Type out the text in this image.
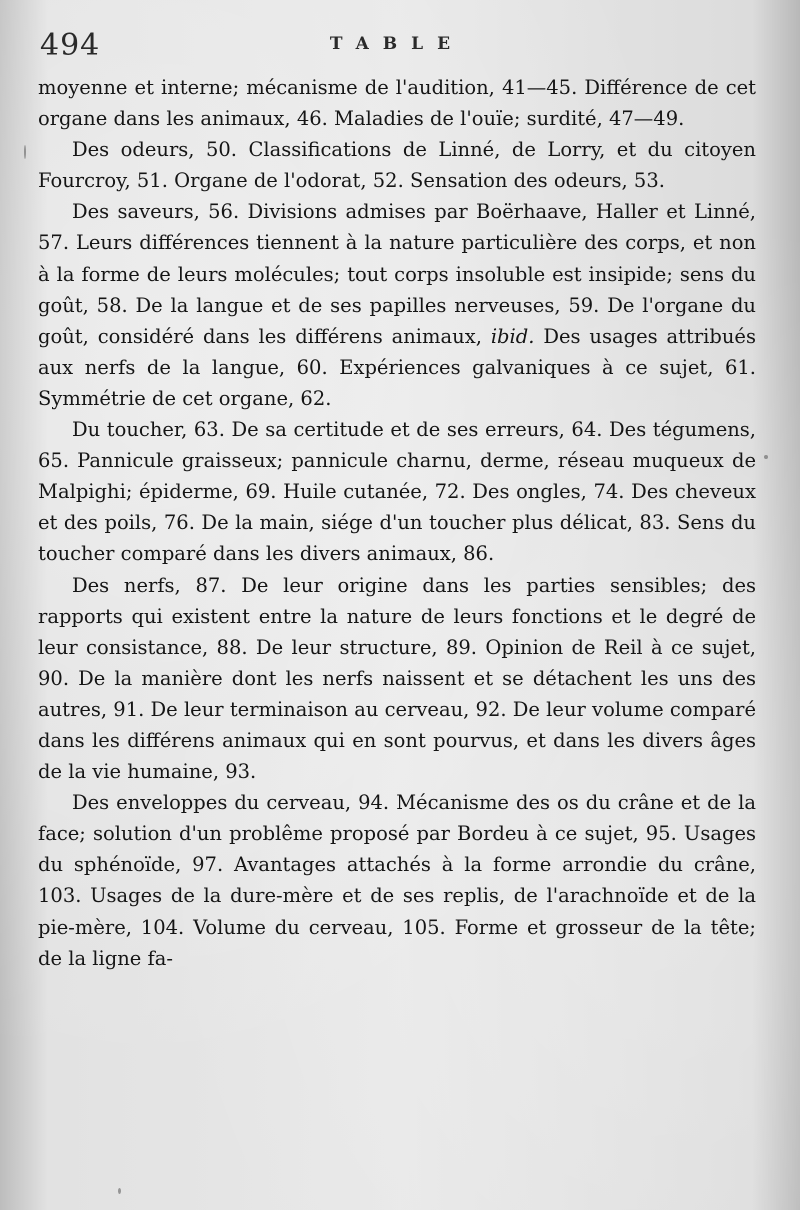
494	TABLE

moyenne et interne; mécanisme de l'audition, 41—45. Différence de cet organe dans les animaux, 46. Maladies de l'ouïe; surdité, 47—49.

Des odeurs, 50. Classifications de Linné, de Lorry, et du citoyen Fourcroy, 51. Organe de l'odorat, 52. Sensation des odeurs, 53.

Des saveurs, 56. Divisions admises par Boërhaave, Haller et Linné, 57. Leurs différences tiennent à la nature particulière des corps, et non à la forme de leurs molécules; tout corps insoluble est insipide; sens du goût, 58. De la langue et de ses papilles nerveuses, 59. De l'organe du goût, considéré dans les différens animaux, ibid. Des usages attribués aux nerfs de la langue, 60. Expériences galvaniques à ce sujet, 61. Symmétrie de cet organe, 62.

Du toucher, 63. De sa certitude et de ses erreurs, 64. Des tégumens, 65. Pannicule graisseux; pannicule charnu, derme, réseau muqueux de Malpighi; épiderme, 69. Huile cutanée, 72. Des ongles, 74. Des cheveux et des poils, 76. De la main, siége d'un toucher plus délicat, 83. Sens du toucher comparé dans les divers animaux, 86.

Des nerfs, 87. De leur origine dans les parties sensibles; des rapports qui existent entre la nature de leurs fonctions et le degré de leur consistance, 88. De leur structure, 89. Opinion de Reil à ce sujet, 90. De la manière dont les nerfs naissent et se détachent les uns des autres, 91. De leur terminaison au cerveau, 92. De leur volume comparé dans les différens animaux qui en sont pourvus, et dans les divers âges de la vie humaine, 93.

Des enveloppes du cerveau, 94. Mécanisme des os du crâne et de la face; solution d'un problême proposé par Bordeu à ce sujet, 95. Usages du sphénoïde, 97. Avantages attachés à la forme arrondie du crâne, 103. Usages de la dure-mère et de ses replis, de l'arachnoïde et de la pie-mère, 104. Volume du cerveau, 105. Forme et grosseur de la tête; de la ligne fa-
